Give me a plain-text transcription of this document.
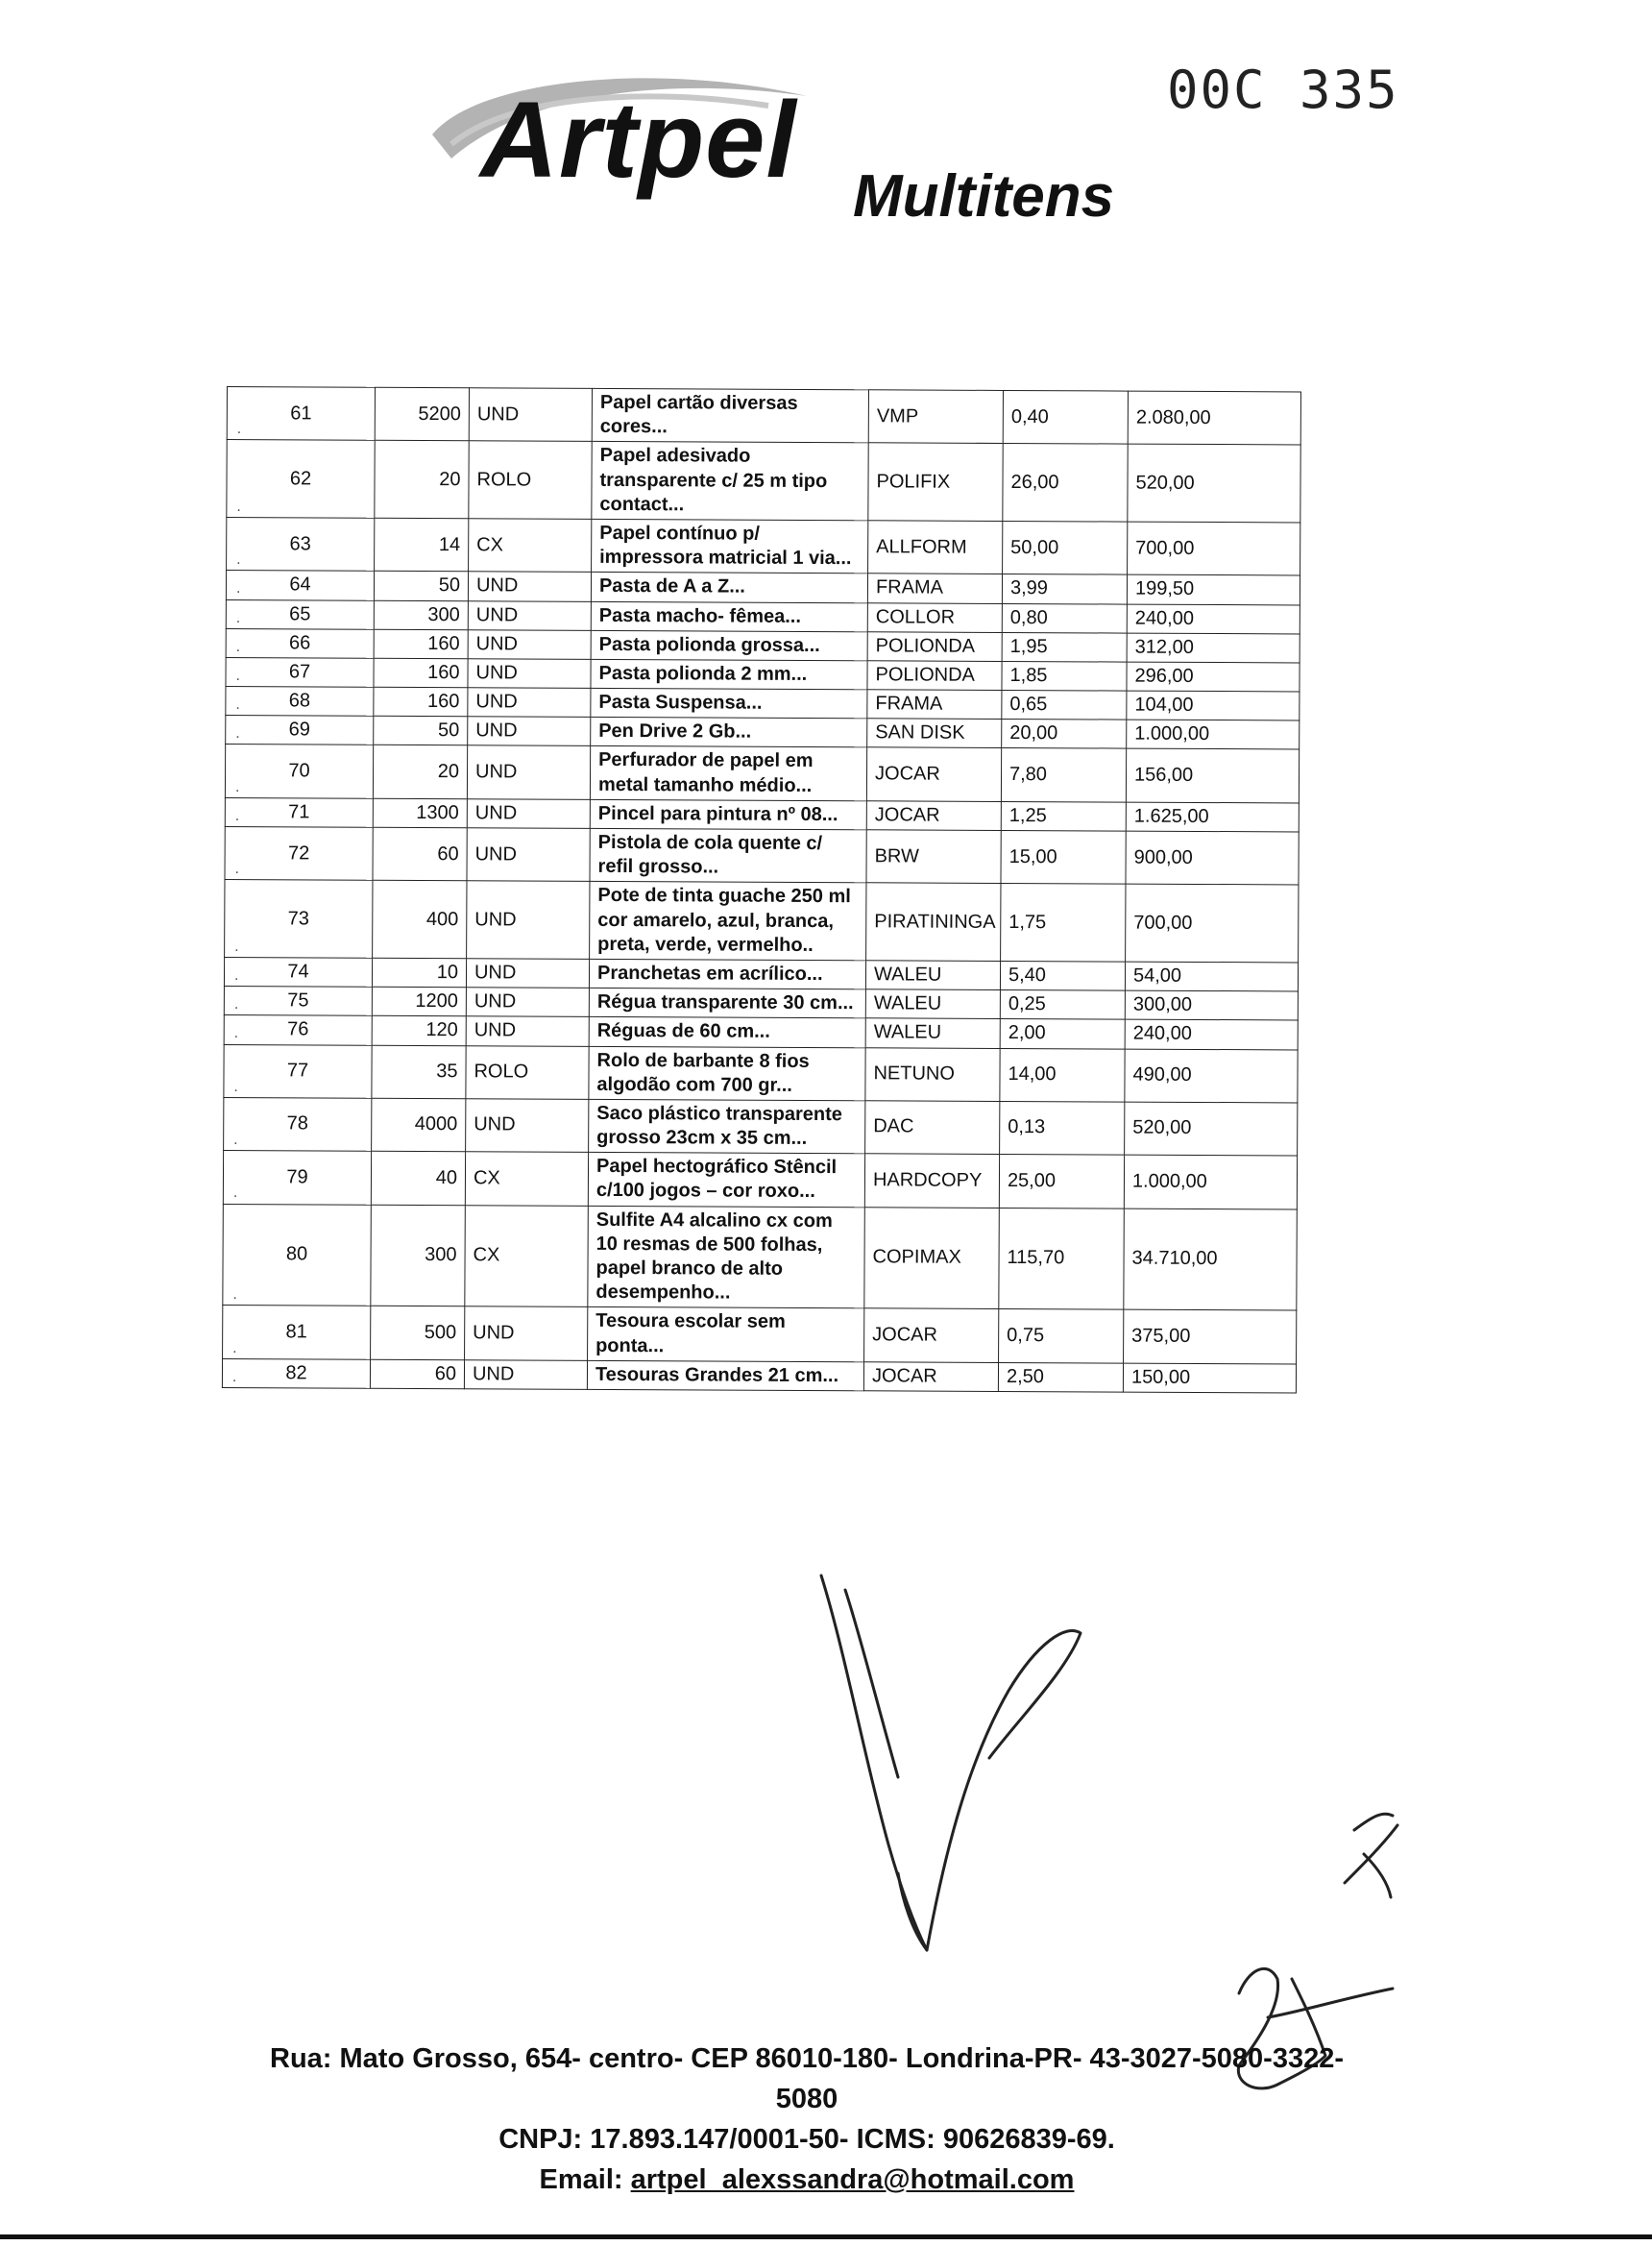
00C 335
Artpel Multitens
61 .	5200	UND	Papel cartão diversas cores...	VMP	0,40	2.080,00
62 .	20	ROLO	Papel adesivado transparente c/ 25 m tipo contact...	POLIFIX	26,00	520,00
63 .	14	CX	Papel contínuo p/ impressora matricial 1 via...	ALLFORM	50,00	700,00
64 .	50	UND	Pasta de A a Z...	FRAMA	3,99	199,50
65 .	300	UND	Pasta macho- fêmea...	COLLOR	0,80	240,00
66 .	160	UND	Pasta polionda grossa...	POLIONDA	1,95	312,00
67 .	160	UND	Pasta polionda 2 mm...	POLIONDA	1,85	296,00
68 .	160	UND	Pasta Suspensa...	FRAMA	0,65	104,00
69 .	50	UND	Pen Drive 2 Gb...	SAN DISK	20,00	1.000,00
70 .	20	UND	Perfurador de papel em metal tamanho médio...	JOCAR	7,80	156,00
71 .	1300	UND	Pincel para pintura nº 08...	JOCAR	1,25	1.625,00
72 .	60	UND	Pistola de cola quente c/ refil grosso...	BRW	15,00	900,00
73 .	400	UND	Pote de tinta guache 250 ml cor amarelo, azul, branca, preta, verde, vermelho..	PIRATININGA	1,75	700,00
74 .	10	UND	Pranchetas em acrílico...	WALEU	5,40	54,00
75 .	1200	UND	Régua transparente 30 cm...	WALEU	0,25	300,00
76 .	120	UND	Réguas de 60 cm...	WALEU	2,00	240,00
77 .	35	ROLO	Rolo de barbante 8 fios algodão com 700 gr...	NETUNO	14,00	490,00
78 .	4000	UND	Saco plástico transparente grosso 23cm x 35 cm...	DAC	0,13	520,00
79 .	40	CX	Papel hectográfico Stêncil c/100 jogos – cor roxo...	HARDCOPY	25,00	1.000,00
80 .	300	CX	Sulfite A4 alcalino cx com 10 resmas de 500 folhas, papel branco de alto desempenho...	COPIMAX	115,70	34.710,00
81 .	500	UND	Tesoura escolar sem ponta...	JOCAR	0,75	375,00
82 .	60	UND	Tesouras Grandes 21 cm...	JOCAR	2,50	150,00
Rua: Mato Grosso, 654- centro- CEP 86010-180- Londrina-PR- 43-3027-5080-3322-5080
CNPJ: 17.893.147/0001-50- ICMS: 90626839-69.
Email: artpel_alexssandra@hotmail.com
